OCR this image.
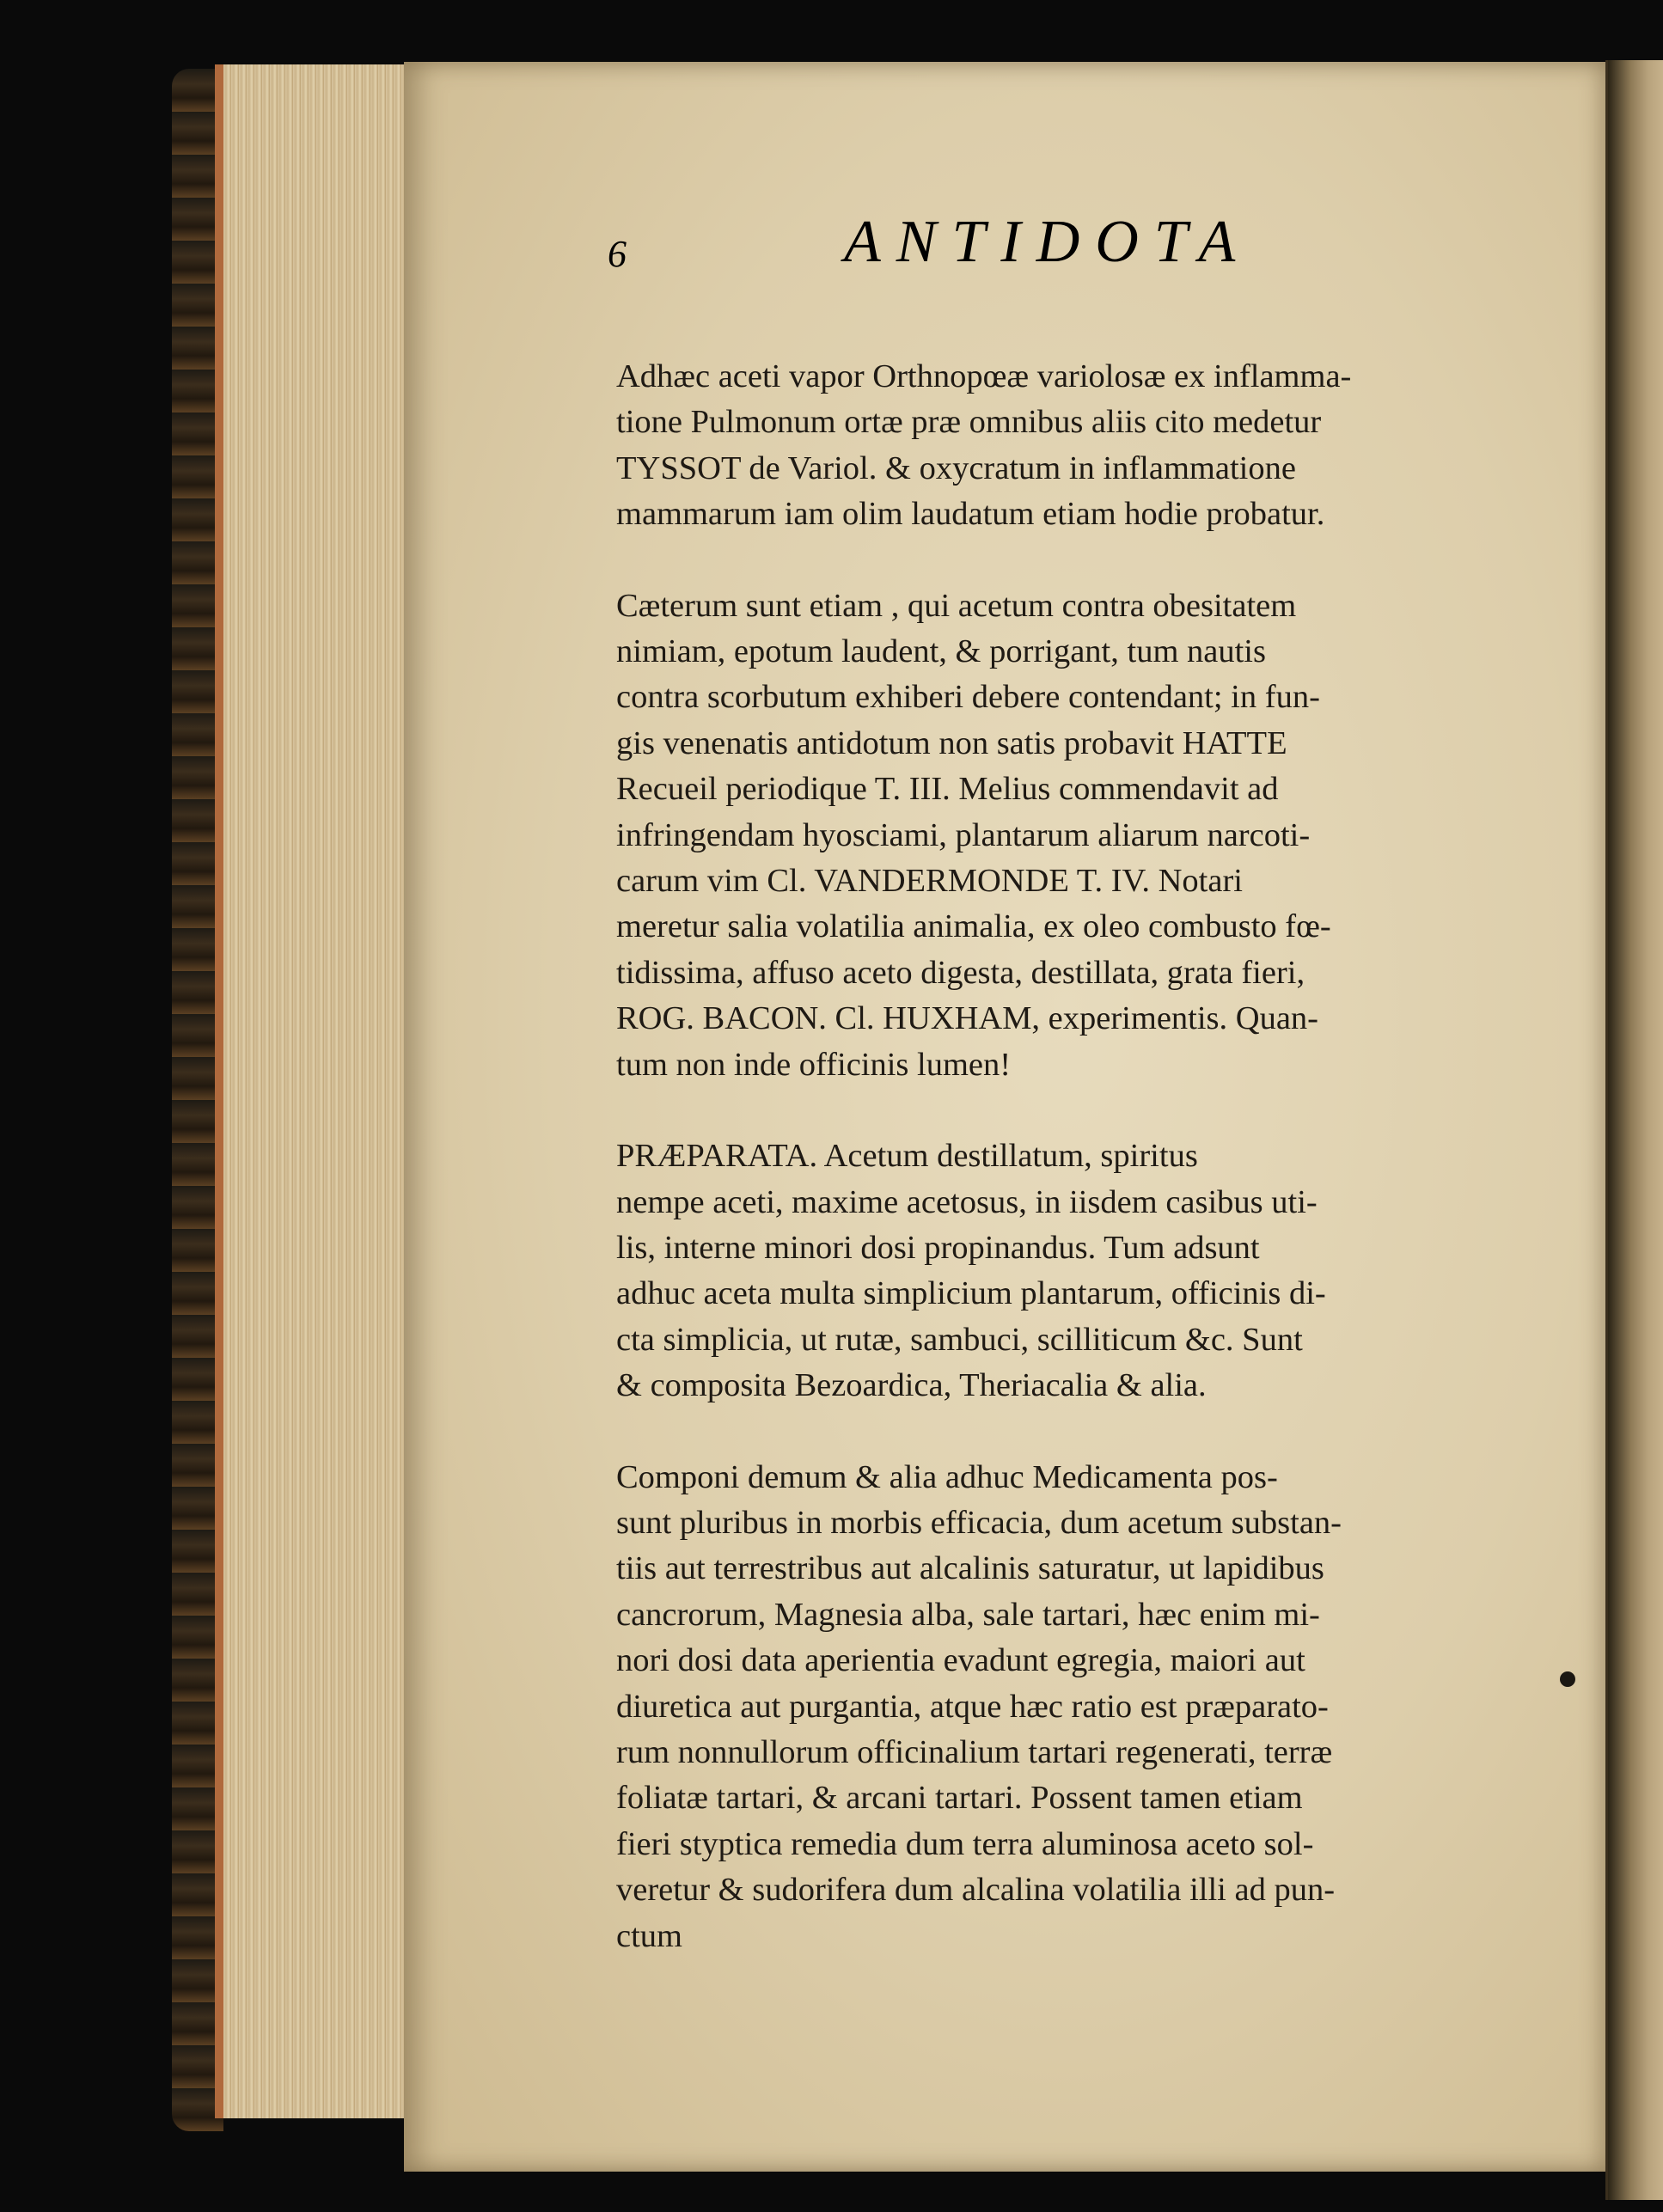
6	ANTIDOTA

Adhæc aceti vapor Orthnopœæ variolosæ ex inflamma-
tione Pulmonum ortæ præ omnibus aliis cito medetur
TYSSOT de Variol. & oxycratum in inflammatione
mammarum iam olim laudatum etiam hodie probatur.

Cæterum sunt etiam , qui acetum contra obesitatem
nimiam, epotum laudent, & porrigant, tum nautis
contra scorbutum exhiberi debere contendant; in fun-
gis venenatis antidotum non satis probavit HATTE
Recueil periodique T. III. Melius commendavit ad
infringendam hyosciami, plantarum aliarum narcoti-
carum vim Cl. VANDERMONDE T. IV. Notari
meretur salia volatilia animalia, ex oleo combusto fœ-
tidissima, affuso aceto digesta, destillata, grata fieri,
ROG. BACON. Cl. HUXHAM, experimentis. Quan-
tum non inde officinis lumen!

PRÆPARATA. Acetum destillatum, spiritus
nempe aceti, maxime acetosus, in iisdem casibus uti-
lis, interne minori dosi propinandus. Tum adsunt
adhuc aceta multa simplicium plantarum, officinis di-
cta simplicia, ut rutæ, sambuci, scilliticum &c. Sunt
& composita Bezoardica, Theriacalia & alia.

Componi demum & alia adhuc Medicamenta pos-
sunt pluribus in morbis efficacia, dum acetum substan-
tiis aut terrestribus aut alcalinis saturatur, ut lapidibus
cancrorum, Magnesia alba, sale tartari, hæc enim mi-
nori dosi data aperientia evadunt egregia, maiori aut
diuretica aut purgantia, atque hæc ratio est præparato-
rum nonnullorum officinalium tartari regenerati, terræ
foliatæ tartari, & arcani tartari. Possent tamen etiam
fieri styptica remedia dum terra aluminosa aceto sol-
veretur & sudorifera dum alcalina volatilia illi ad pun-
ctum
